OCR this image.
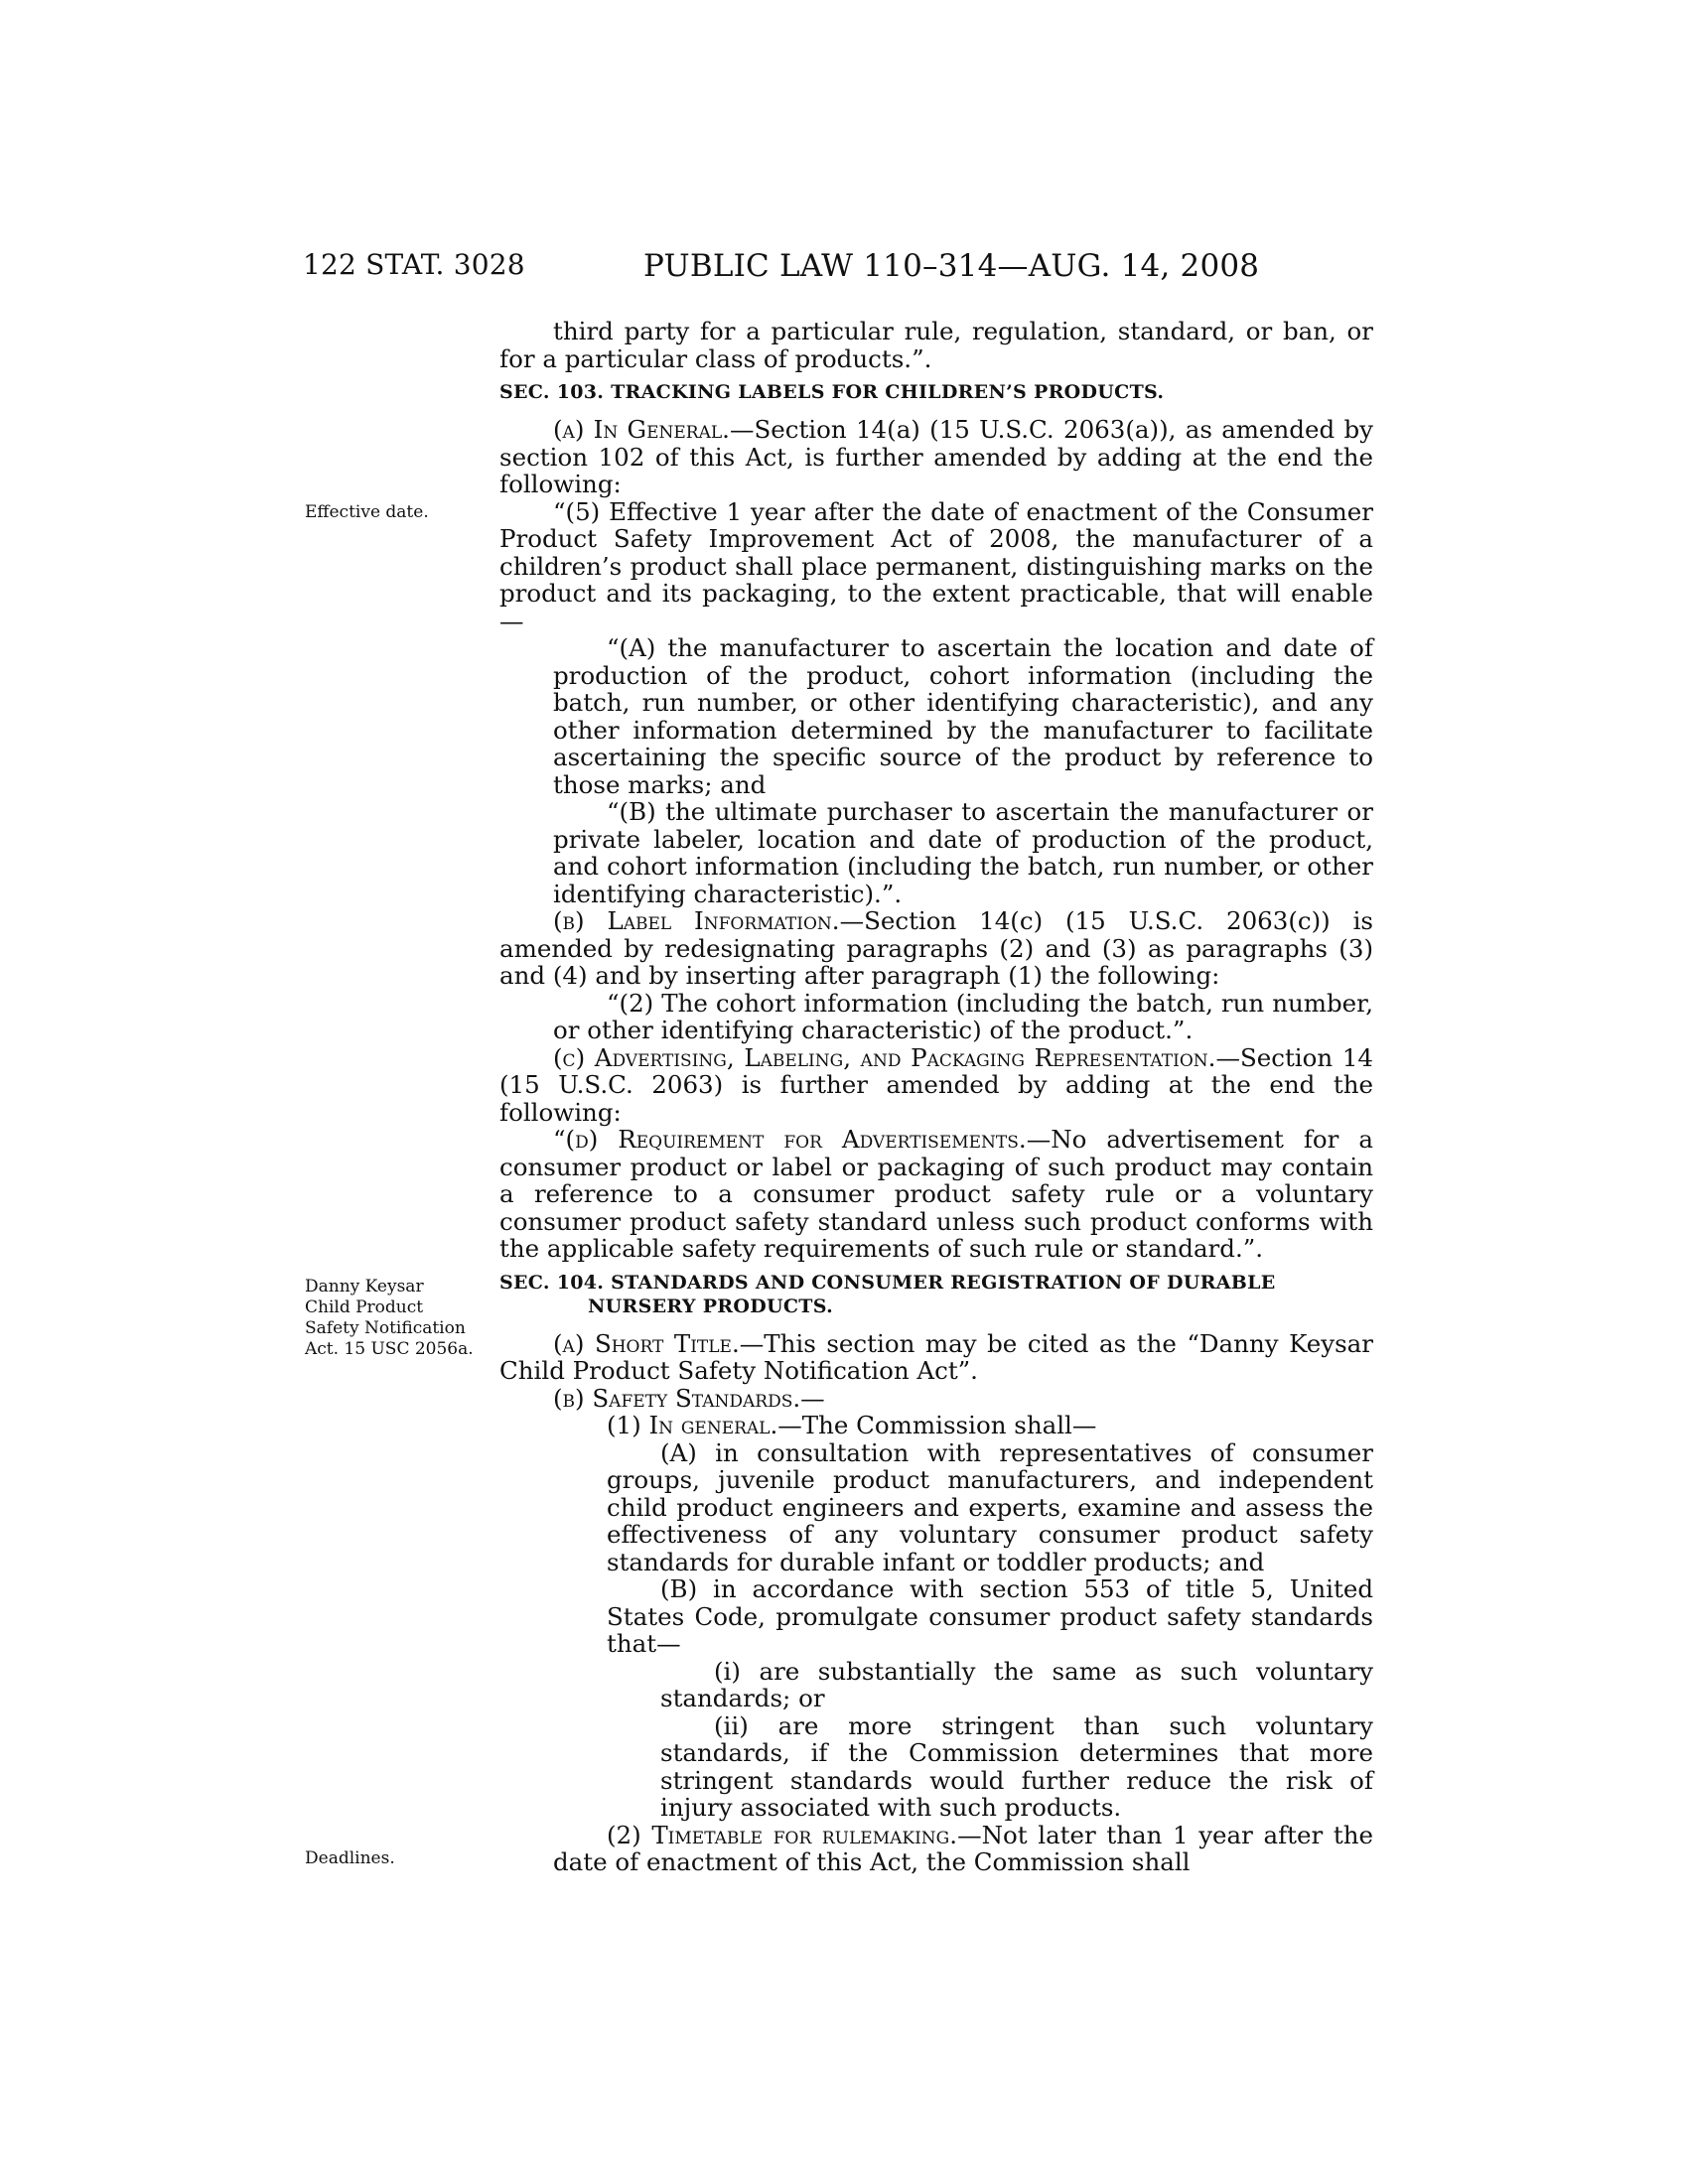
122 STAT. 3028	PUBLIC LAW 110–314—AUG. 14, 2008
Effective date.
Danny Keysar Child Product Safety Notification Act. 15 USC 2056a.
Deadlines.

third party for a particular rule, regulation, standard, or ban, or for a particular class of products.”.

SEC. 103. TRACKING LABELS FOR CHILDREN’S PRODUCTS.

(a) In General.—Section 14(a) (15 U.S.C. 2063(a)), as amended by section 102 of this Act, is further amended by adding at the end the following:

“(5) Effective 1 year after the date of enactment of the Consumer Product Safety Improvement Act of 2008, the manufacturer of a children’s product shall place permanent, distinguishing marks on the product and its packaging, to the extent practicable, that will enable—

“(A) the manufacturer to ascertain the location and date of production of the product, cohort information (including the batch, run number, or other identifying characteristic), and any other information determined by the manufacturer to facilitate ascertaining the specific source of the product by reference to those marks; and

“(B) the ultimate purchaser to ascertain the manufacturer or private labeler, location and date of production of the product, and cohort information (including the batch, run number, or other identifying characteristic).”.

(b) Label Information.—Section 14(c) (15 U.S.C. 2063(c)) is amended by redesignating paragraphs (2) and (3) as paragraphs (3) and (4) and by inserting after paragraph (1) the following:

“(2) The cohort information (including the batch, run number, or other identifying characteristic) of the product.”.

(c) Advertising, Labeling, and Packaging Representation.—Section 14 (15 U.S.C. 2063) is further amended by adding at the end the following:

“(d) Requirement for Advertisements.—No advertisement for a consumer product or label or packaging of such product may contain a reference to a consumer product safety rule or a voluntary consumer product safety standard unless such product conforms with the applicable safety requirements of such rule or standard.”.

SEC. 104. STANDARDS AND CONSUMER REGISTRATION OF DURABLE
NURSERY PRODUCTS.

(a) Short Title.—This section may be cited as the “Danny Keysar Child Product Safety Notification Act”.

(b) Safety Standards.—

(1) In general.—The Commission shall—

(A) in consultation with representatives of consumer groups, juvenile product manufacturers, and independent child product engineers and experts, examine and assess the effectiveness of any voluntary consumer product safety standards for durable infant or toddler products; and

(B) in accordance with section 553 of title 5, United States Code, promulgate consumer product safety standards that—

(i) are substantially the same as such voluntary standards; or

(ii) are more stringent than such voluntary standards, if the Commission determines that more stringent standards would further reduce the risk of injury associated with such products.

(2) Timetable for rulemaking.—Not later than 1 year after the date of enactment of this Act, the Commission shall
